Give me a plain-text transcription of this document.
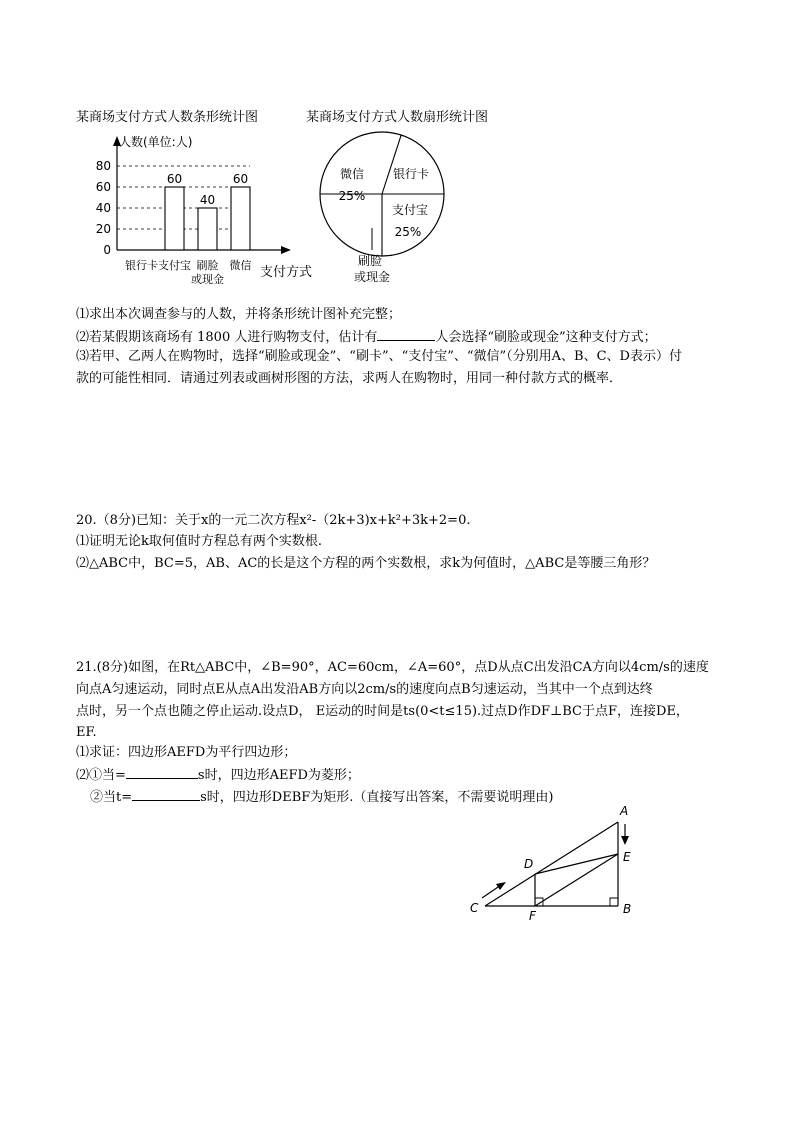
某商场支付方式人数条形统计图	某商场支付方式人数扇形统计图
人数(单位:人)
支付方式
0
20
40
60
80
银行卡
60
支付宝
40
刷脸
或现金
60
微信
微信
25%
银行卡
支付宝
25%
刷脸
或现金
⑴求出本次调查参与的人数，并将条形统计图补充完整；
⑵若某假期该商场有 1800 人进行购物支付，估计有	人会选择“刷脸或现金”这种支付方式；
⑶若甲、乙两人在购物时，选择“刷脸或现金”、“刷卡”、“支付宝”、“微信”（分别用A、B、C、D表示）付
款的可能性相同．请通过列表或画树形图的方法，求两人在购物时，用同一种付款方式的概率．
20.（8分)已知：关于x的一元二次方程x²-（2k+3)x+k²+3k+2=0.
⑴证明无论k取何值时方程总有两个实数根.
⑵△ABC中，BC=5，AB、AC的长是这个方程的两个实数根，求k为何值时，△ABC是等腰三角形？
21.(8分)如图，在Rt△ABC中，∠B=90°，AC=60cm，∠A=60°，点D从点C出发沿CA方向以4cm/s的速度
向点A匀速运动，同时点E从点A出发沿AB方向以2cm/s的速度向点B匀速运动，当其中一个点到达终
点时，另一个点也随之停止运动.设点D， E运动的时间是ts(0<t≤15).过点D作DF⊥BC于点F，连接DE，
EF.
⑴求证：四边形AEFD为平行四边形；
⑵①当=	s时，四边形AEFD为菱形；
②当t=	s时，四边形DEBF为矩形.（直接写出答案，不需要说明理由)
A
B
C
D	E
F
